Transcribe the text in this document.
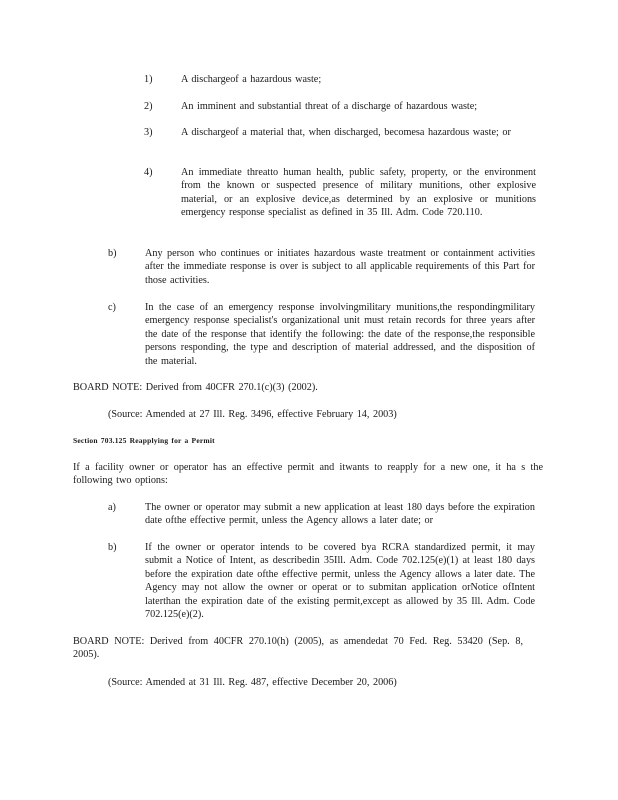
1)	A dischargeof a hazardous waste;
2)	An imminent and substantial threat of a discharge of hazardous waste;
3)	A dischargeof a material that, when discharged, becomesa hazardous waste; or
4)	An immediate threatto human health, public safety, property, or the environment from the known or suspected presence of military munitions, other explosive material, or an explosive device,as determined by an explosive or munitions emergency response specialist as defined in 35 Ill. Adm. Code 720.110.
b)	Any person who continues or initiates hazardous waste treatment or containment activities after the immediate response is over is subject to all applicable requirements of this Part for those activities.
c)	In the case of an emergency response involvingmilitary munitions,the respondingmilitary emergency response specialist's organizational unit must retain records for three years after the date of the response that identify the following: the date of the response,the responsible persons responding, the type and description of material addressed, and the disposition of the material.
BOARD NOTE: Derived from 40CFR 270.1(c)(3) (2002).
(Source: Amended at 27 Ill. Reg. 3496, effective February 14, 2003)
Section 703.125 Reapplying for a Permit
If a facility owner or operator has an effective permit and itwants to reapply for a new one, it ha s the following two options:
a)	The owner or operator may submit a new application at least 180 days before the expiration date ofthe effective permit, unless the Agency allows a later date; or
b)	If the owner or operator intends to be covered bya RCRA standardized permit, it may submit a Notice of Intent, as describedin 35Ill. Adm. Code 702.125(e)(1) at least 180 days before the expiration date ofthe effective permit, unless the Agency allows a later date. The Agency may not allow the owner or operat or to submitan application orNotice ofIntent laterthan the expiration date of the existing permit,except as allowed by 35 Ill. Adm. Code 702.125(e)(2).
BOARD NOTE: Derived from 40CFR 270.10(h) (2005), as amendedat 70 Fed. Reg. 53420 (Sep. 8, 2005).
(Source: Amended at 31 Ill. Reg. 487, effective December 20, 2006)
